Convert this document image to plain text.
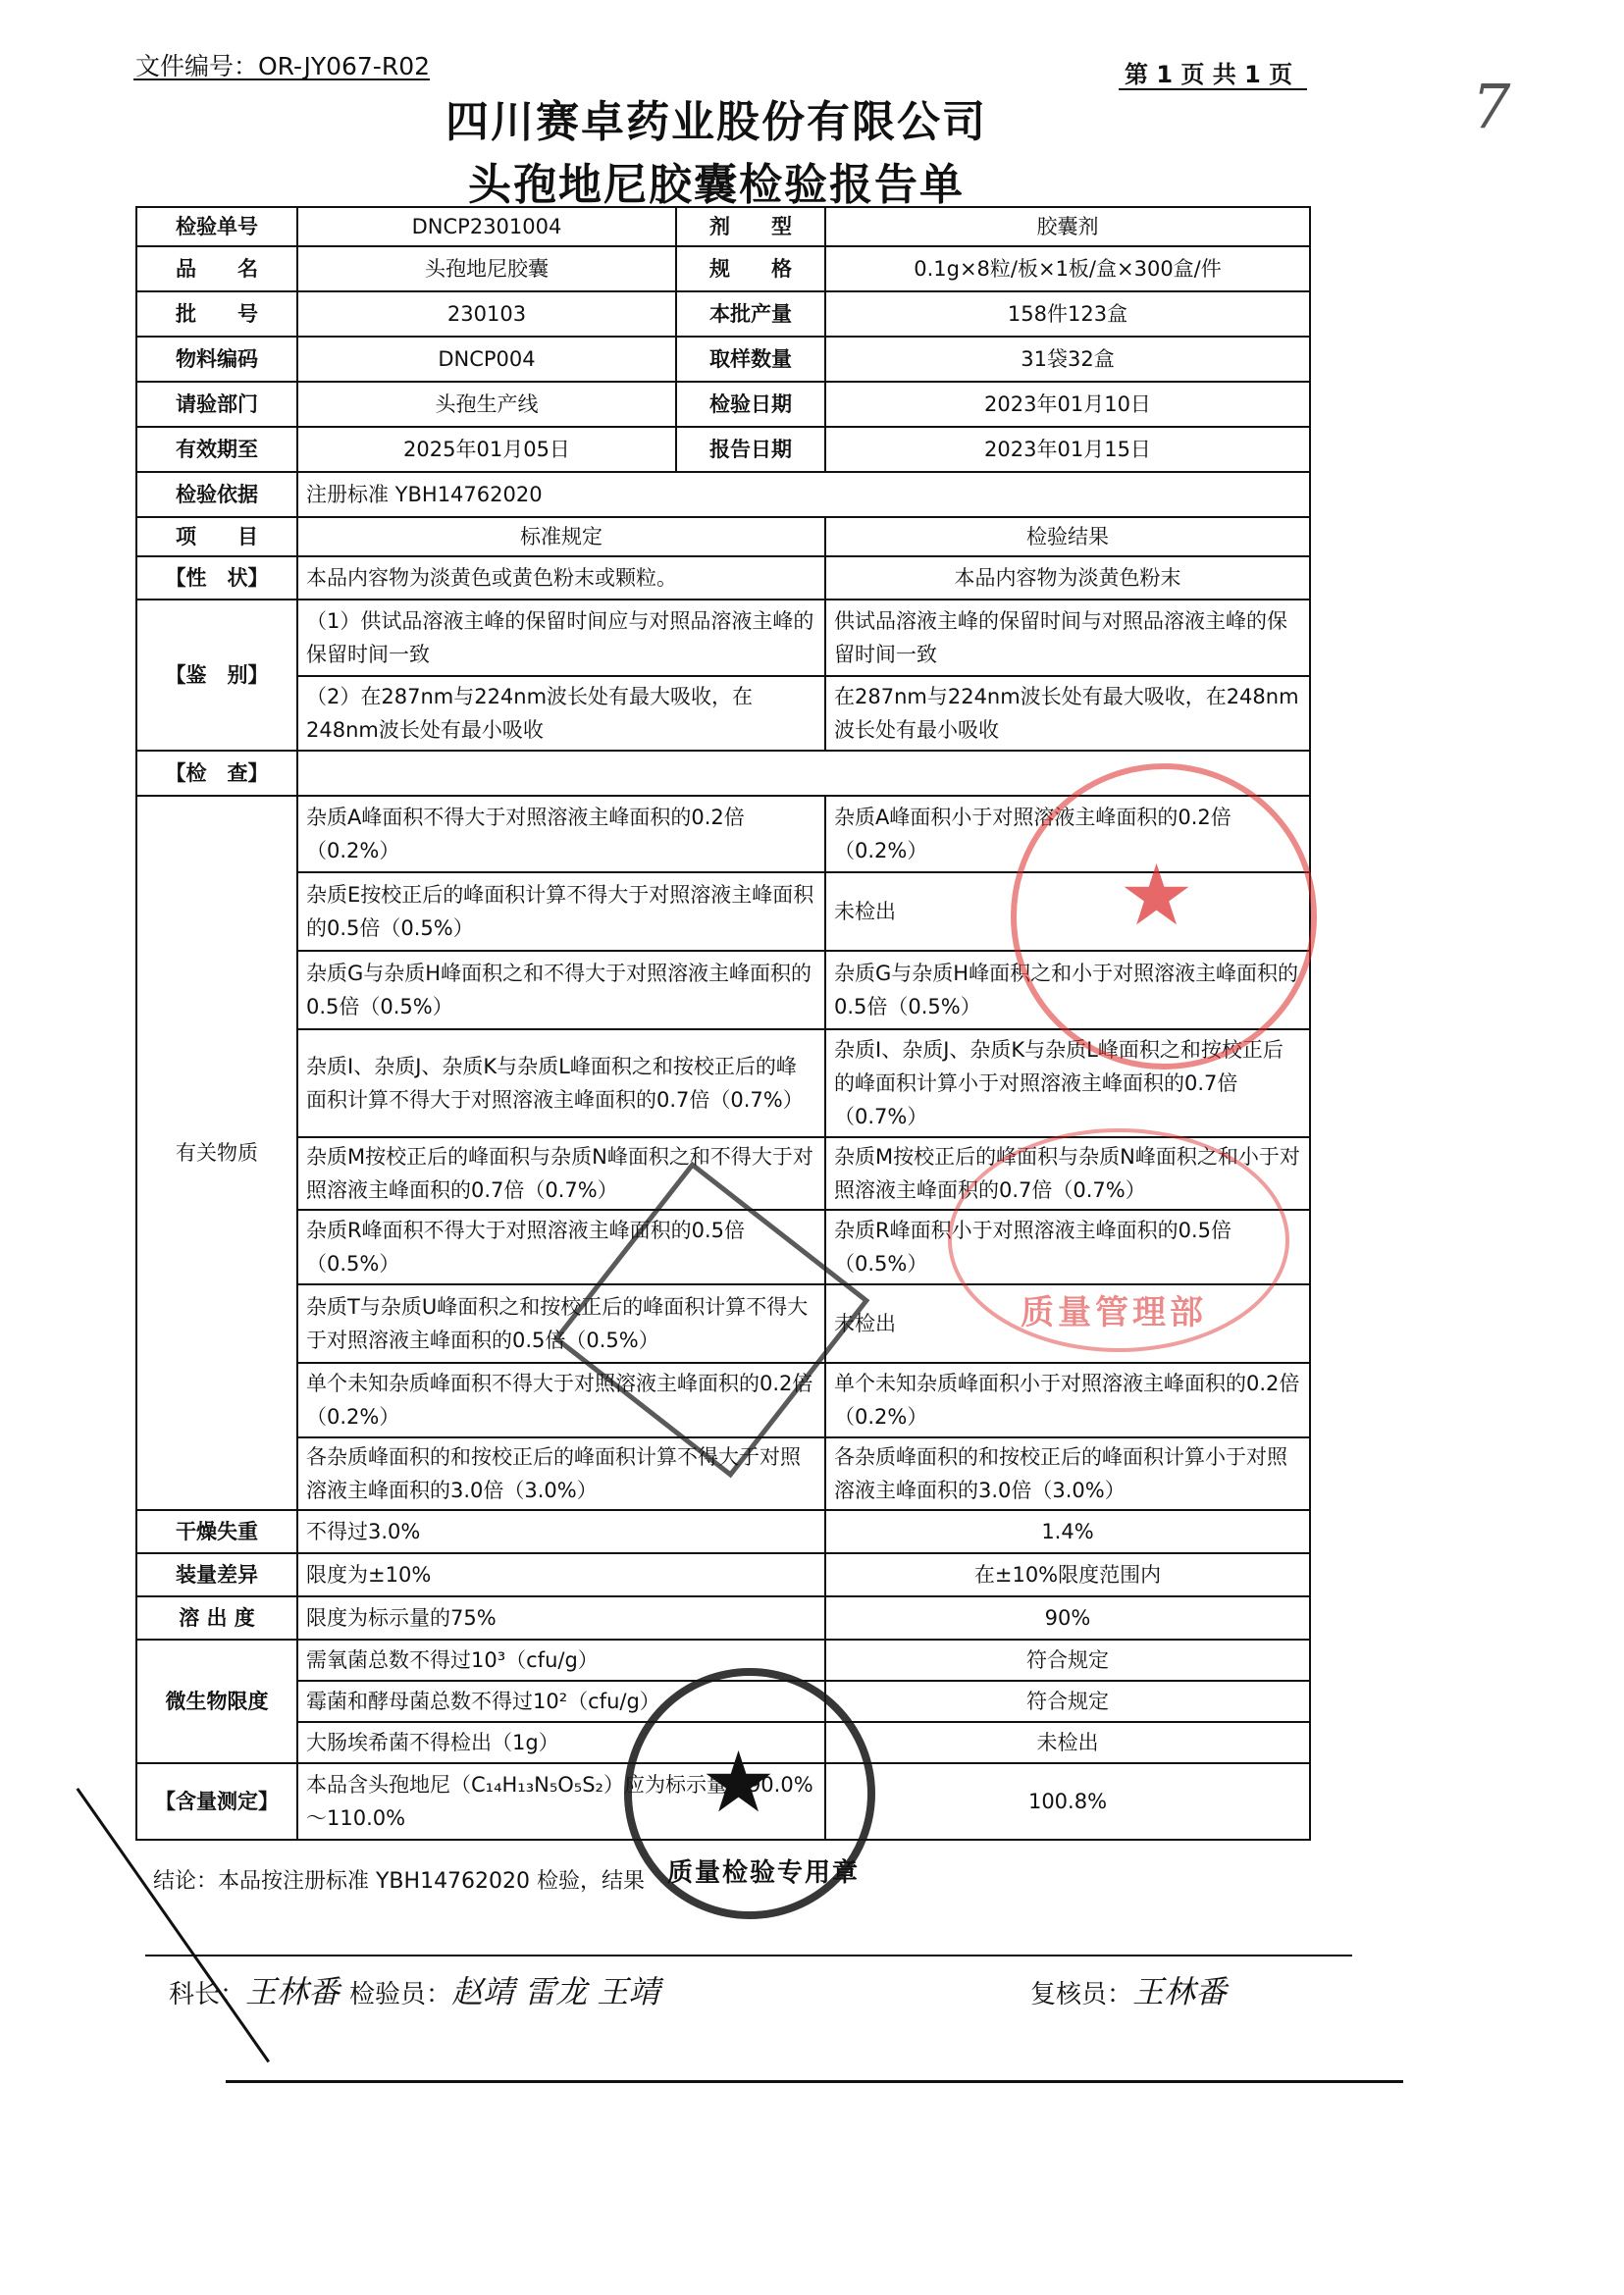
文件编号：OR-JY067-R02	第 1 页 共 1 页	7
四川赛卓药业股份有限公司
头孢地尼胶囊检验报告单
检验单号	DNCP2301004	剂　　型	胶囊剂
品　　名	头孢地尼胶囊	规　　格	0.1g×8粒/板×1板/盒×300盒/件
批　　号	230103	本批产量	158件123盒
物料编码	DNCP004	取样数量	31袋32盒
请验部门	头孢生产线	检验日期	2023年01月10日
有效期至	2025年01月05日	报告日期	2023年01月15日
检验依据	注册标准 YBH14762020		
项　　目	标准规定		检验结果
【性　状】	本品内容物为淡黄色或黄色粉末或颗粒。		本品内容物为淡黄色粉末
【鉴　别】	（1）供试品溶液主峰的保留时间应与对照品溶液主峰的保留时间一致		供试品溶液主峰的保留时间与对照品溶液主峰的保留时间一致
	（2）在287nm与224nm波长处有最大吸收，在248nm波长处有最小吸收		在287nm与224nm波长处有最大吸收，在248nm波长处有最小吸收
【检　查】			
有关物质	杂质A峰面积不得大于对照溶液主峰面积的0.2倍（0.2%）		杂质A峰面积小于对照溶液主峰面积的0.2倍（0.2%）
	杂质E按校正后的峰面积计算不得大于对照溶液主峰面积的0.5倍（0.5%）		未检出
	杂质G与杂质H峰面积之和不得大于对照溶液主峰面积的0.5倍（0.5%）		杂质G与杂质H峰面积之和小于对照溶液主峰面积的0.5倍（0.5%）
	杂质I、杂质J、杂质K与杂质L峰面积之和按校正后的峰面积计算不得大于对照溶液主峰面积的0.7倍（0.7%）		杂质I、杂质J、杂质K与杂质L峰面积之和按校正后的峰面积计算小于对照溶液主峰面积的0.7倍（0.7%）
	杂质M按校正后的峰面积与杂质N峰面积之和不得大于对照溶液主峰面积的0.7倍（0.7%）		杂质M按校正后的峰面积与杂质N峰面积之和小于对照溶液主峰面积的0.7倍（0.7%）
	杂质R峰面积不得大于对照溶液主峰面积的0.5倍（0.5%）		杂质R峰面积小于对照溶液主峰面积的0.5倍（0.5%）
	杂质T与杂质U峰面积之和按校正后的峰面积计算不得大于对照溶液主峰面积的0.5倍（0.5%）		未检出
	单个未知杂质峰面积不得大于对照溶液主峰面积的0.2倍（0.2%）		单个未知杂质峰面积小于对照溶液主峰面积的0.2倍（0.2%）
	各杂质峰面积的和按校正后的峰面积计算不得大于对照溶液主峰面积的3.0倍（3.0%）		各杂质峰面积的和按校正后的峰面积计算小于对照溶液主峰面积的3.0倍（3.0%）
干燥失重	不得过3.0%		1.4%
装量差异	限度为±10%		在±10%限度范围内
溶 出 度	限度为标示量的75%		90%
微生物限度	需氧菌总数不得过10³（cfu/g）		符合规定
	霉菌和酵母菌总数不得过10²（cfu/g）		符合规定
	大肠埃希菌不得检出（1g）		未检出
【含量测定】	本品含头孢地尼（C₁₄H₁₃N₅O₅S₂）应为标示量的90.0%～110.0%		100.8%
结论：本品按注册标准 YBH14762020 检验，结果
科长：王林番 检验员：赵靖 雷龙 王靖	复核员：王林番
★
质量管理部
★
质量检验专用章
